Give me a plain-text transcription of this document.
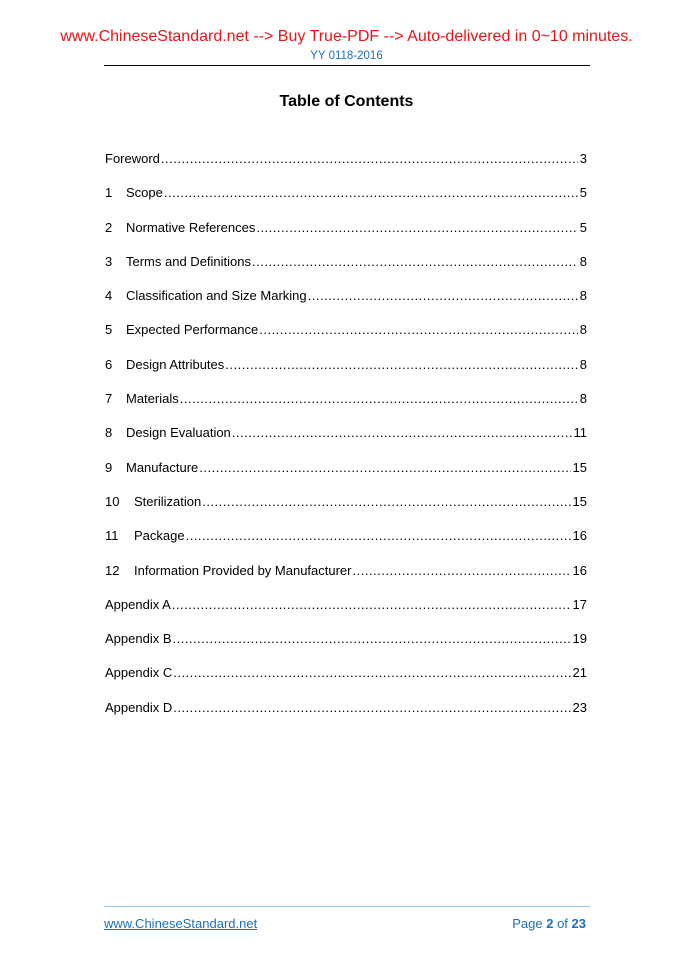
www.ChineseStandard.net --> Buy True-PDF --> Auto-delivered in 0~10 minutes.
YY 0118-2016
Table of Contents
Foreword .....	3
1	Scope .....	5
2	Normative References .....	5
3	Terms and Definitions .....	8
4	Classification and Size Marking .....	8
5	Expected Performance .....	8
6	Design Attributes .....	8
7	Materials .....	8
8	Design Evaluation .....	11
9	Manufacture .....	15
10	Sterilization .....	15
11	Package .....	16
12	Information Provided by Manufacturer .....	16
Appendix A .....	17
Appendix B .....	19
Appendix C .....	21
Appendix D .....	23
www.ChineseStandard.net	Page 2 of 23
